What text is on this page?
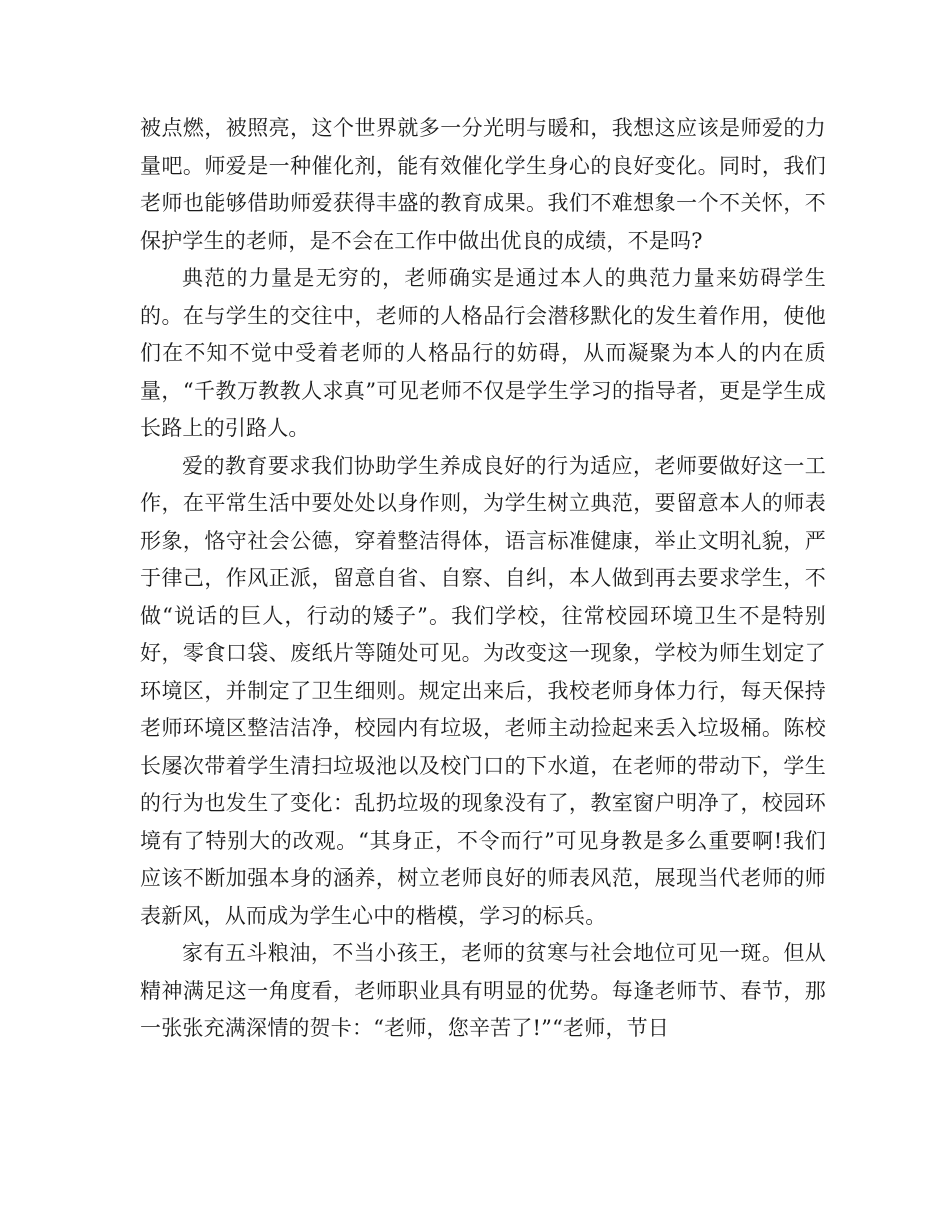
被点燃，被照亮，这个世界就多一分光明与暖和，我想这应该是师爱的力量吧。师爱是一种催化剂，能有效催化学生身心的良好变化。同时，我们老师也能够借助师爱获得丰盛的教育成果。我们不难想象一个不关怀，不保护学生的老师，是不会在工作中做出优良的成绩，不是吗?

典范的力量是无穷的，老师确实是通过本人的典范力量来妨碍学生的。在与学生的交往中，老师的人格品行会潜移默化的发生着作用，使他们在不知不觉中受着老师的人格品行的妨碍，从而凝聚为本人的内在质量，“千教万教教人求真”可见老师不仅是学生学习的指导者，更是学生成长路上的引路人。

爱的教育要求我们协助学生养成良好的行为适应，老师要做好这一工作，在平常生活中要处处以身作则，为学生树立典范，要留意本人的师表形象，恪守社会公德，穿着整洁得体，语言标准健康，举止文明礼貌，严于律己，作风正派，留意自省、自察、自纠，本人做到再去要求学生，不做“说话的巨人，行动的矮子”。我们学校，往常校园环境卫生不是特别好，零食口袋、废纸片等随处可见。为改变这一现象，学校为师生划定了环境区，并制定了卫生细则。规定出来后，我校老师身体力行，每天保持老师环境区整洁洁净，校园内有垃圾，老师主动捡起来丢入垃圾桶。陈校长屡次带着学生清扫垃圾池以及校门口的下水道，在老师的带动下，学生的行为也发生了变化：乱扔垃圾的现象没有了，教室窗户明净了，校园环境有了特别大的改观。“其身正，不令而行”可见身教是多么重要啊!我们应该不断加强本身的涵养，树立老师良好的师表风范，展现当代老师的师表新风，从而成为学生心中的楷模，学习的标兵。

家有五斗粮油，不当小孩王，老师的贫寒与社会地位可见一斑。但从精神满足这一角度看，老师职业具有明显的优势。每逢老师节、春节，那一张张充满深情的贺卡：“老师，您辛苦了!”“老师，节日
